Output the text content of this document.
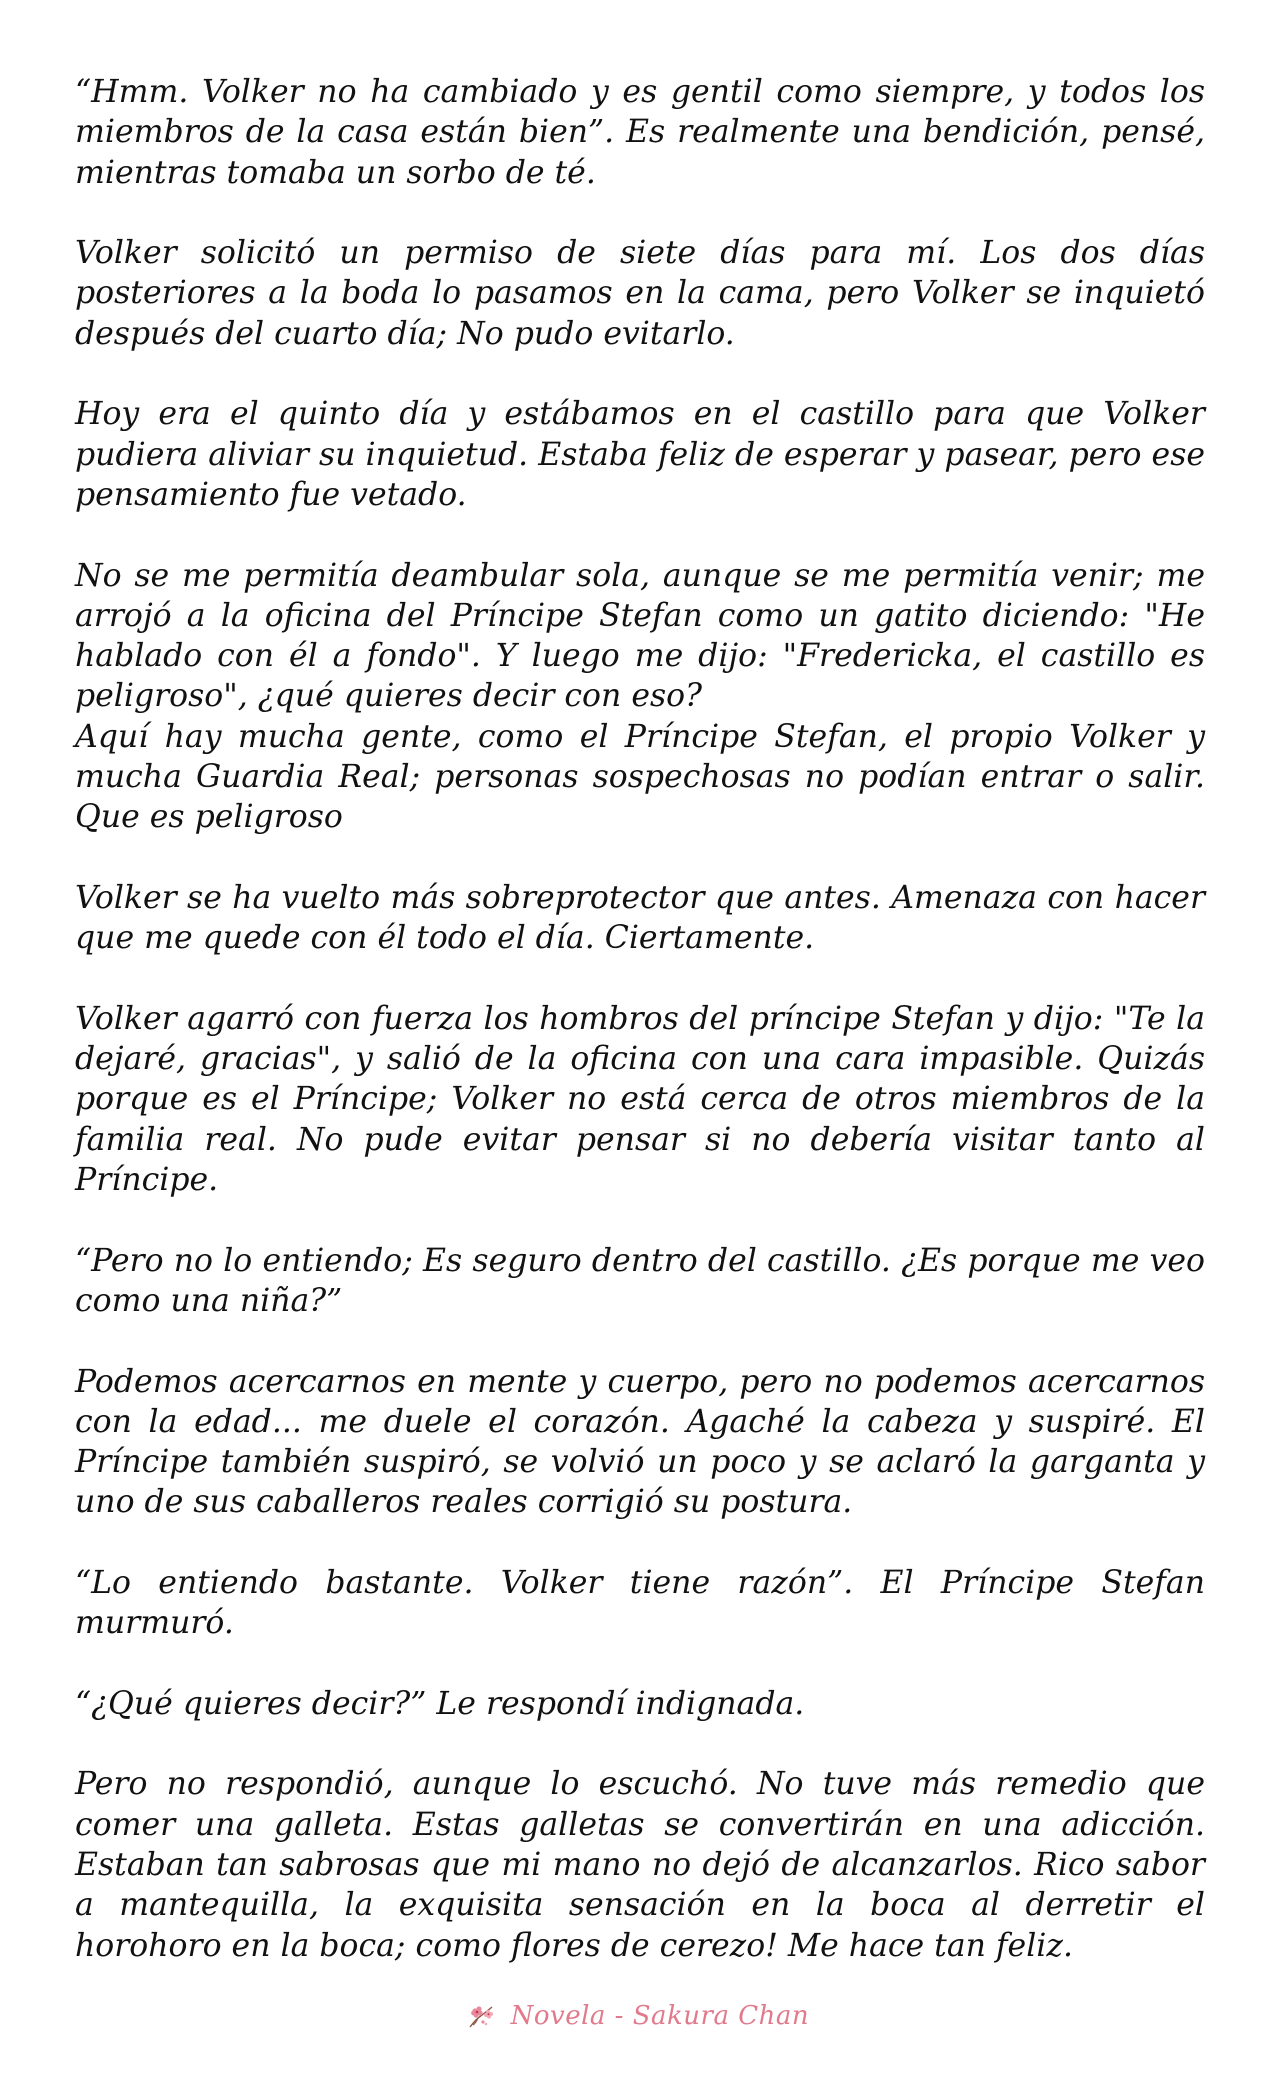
“Hmm. Volker no ha cambiado y es gentil como siempre, y todos los miembros de la casa están bien”. Es realmente una bendición, pensé, mientras tomaba un sorbo de té.

Volker solicitó un permiso de siete días para mí. Los dos días posteriores a la boda lo pasamos en la cama, pero Volker se inquietó después del cuarto día; No pudo evitarlo.

Hoy era el quinto día y estábamos en el castillo para que Volker pudiera aliviar su inquietud. Estaba feliz de esperar y pasear, pero ese pensamiento fue vetado.

No se me permitía deambular sola, aunque se me permitía venir; me arrojó a la oficina del Príncipe Stefan como un gatito diciendo: "He hablado con él a fondo". Y luego me dijo: "Fredericka, el castillo es peligroso", ¿qué quieres decir con eso?
Aquí hay mucha gente, como el Príncipe Stefan, el propio Volker y mucha Guardia Real; personas sospechosas no podían entrar o salir. Que es peligroso

Volker se ha vuelto más sobreprotector que antes. Amenaza con hacer que me quede con él todo el día. Ciertamente.

Volker agarró con fuerza los hombros del príncipe Stefan y dijo: "Te la dejaré, gracias", y salió de la oficina con una cara impasible. Quizás porque es el Príncipe; Volker no está cerca de otros miembros de la familia real. No pude evitar pensar si no debería visitar tanto al Príncipe.

“Pero no lo entiendo; Es seguro dentro del castillo. ¿Es porque me veo como una niña?”

Podemos acercarnos en mente y cuerpo, pero no podemos acercarnos con la edad... me duele el corazón. Agaché la cabeza y suspiré. El Príncipe también suspiró, se volvió un poco y se aclaró la garganta y uno de sus caballeros reales corrigió su postura.

“Lo entiendo bastante. Volker tiene razón”. El Príncipe Stefan murmuró.

“¿Qué quieres decir?” Le respondí indignada.

Pero no respondió, aunque lo escuchó. No tuve más remedio que comer una galleta. Estas galletas se convertirán en una adicción. Estaban tan sabrosas que mi mano no dejó de alcanzarlos. Rico sabor a mantequilla, la exquisita sensación en la boca al derretir el horohoro en la boca; como flores de cerezo! Me hace tan feliz.

Novela - Sakura Chan
